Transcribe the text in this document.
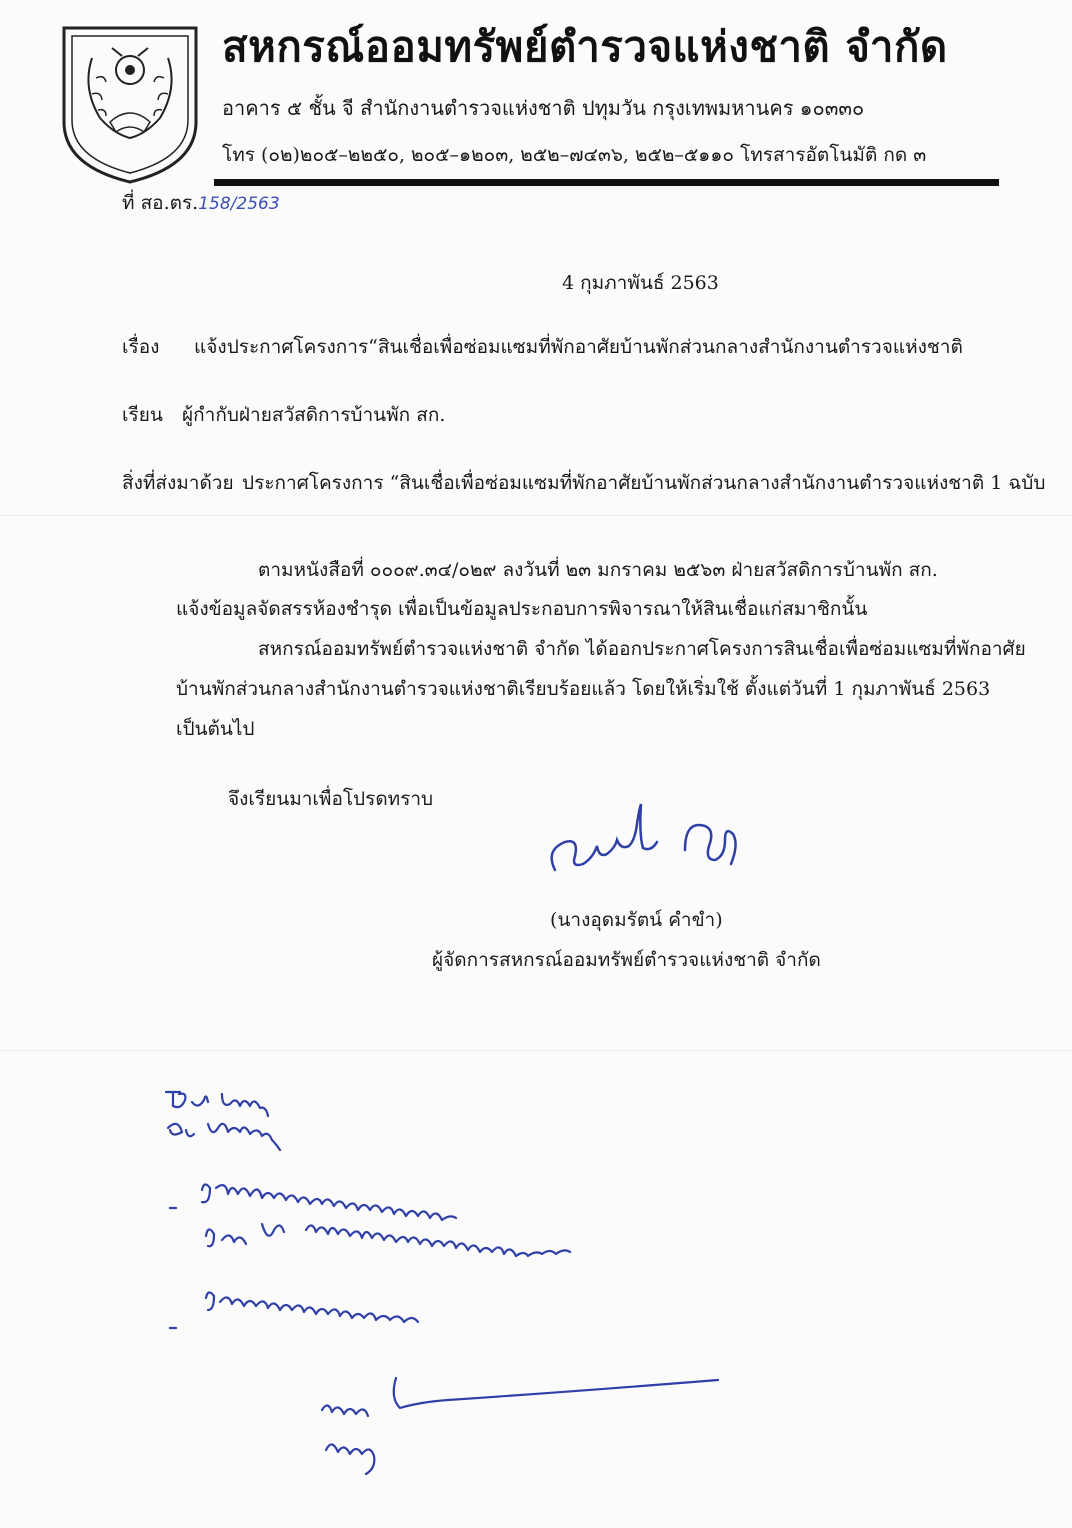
สหกรณ์ออมทรัพย์ตำรวจแห่งชาติ จำกัด
อาคาร ๕ ชั้น จี สำนักงานตำรวจแห่งชาติ ปทุมวัน กรุงเทพมหานคร ๑๐๓๓๐
โทร (๐๒)๒๐๕–๒๒๕๐, ๒๐๕–๑๒๐๓, ๒๕๒–๗๔๓๖, ๒๕๒–๕๑๑๐ โทรสารอัตโนมัติ กด ๓
ที่ สอ.ตร.158/2563
4 กุมภาพันธ์ 2563
เรื่อง แจ้งประกาศโครงการ“สินเชื่อเพื่อซ่อมแซมที่พักอาศัยบ้านพักส่วนกลางสำนักงานตำรวจแห่งชาติ
เรียน ผู้กำกับฝ่ายสวัสดิการบ้านพัก สก.
สิ่งที่ส่งมาด้วย ประกาศโครงการ “สินเชื่อเพื่อซ่อมแซมที่พักอาศัยบ้านพักส่วนกลางสำนักงานตำรวจแห่งชาติ 1 ฉบับ
ตามหนังสือที่ ๐๐๐๙.๓๔/๐๒๙ ลงวันที่ ๒๓ มกราคม ๒๕๖๓ ฝ่ายสวัสดิการบ้านพัก สก.
แจ้งข้อมูลจัดสรรห้องชำรุด เพื่อเป็นข้อมูลประกอบการพิจารณาให้สินเชื่อแก่สมาชิกนั้น
สหกรณ์ออมทรัพย์ตำรวจแห่งชาติ จำกัด ได้ออกประกาศโครงการสินเชื่อเพื่อซ่อมแซมที่พักอาศัย
บ้านพักส่วนกลางสำนักงานตำรวจแห่งชาติเรียบร้อยแล้ว โดยให้เริ่มใช้ ตั้งแต่วันที่ 1 กุมภาพันธ์ 2563
เป็นต้นไป
จึงเรียนมาเพื่อโปรดทราบ
(นางอุดมรัตน์ คำขำ)
ผู้จัดการสหกรณ์ออมทรัพย์ตำรวจแห่งชาติ จำกัด
